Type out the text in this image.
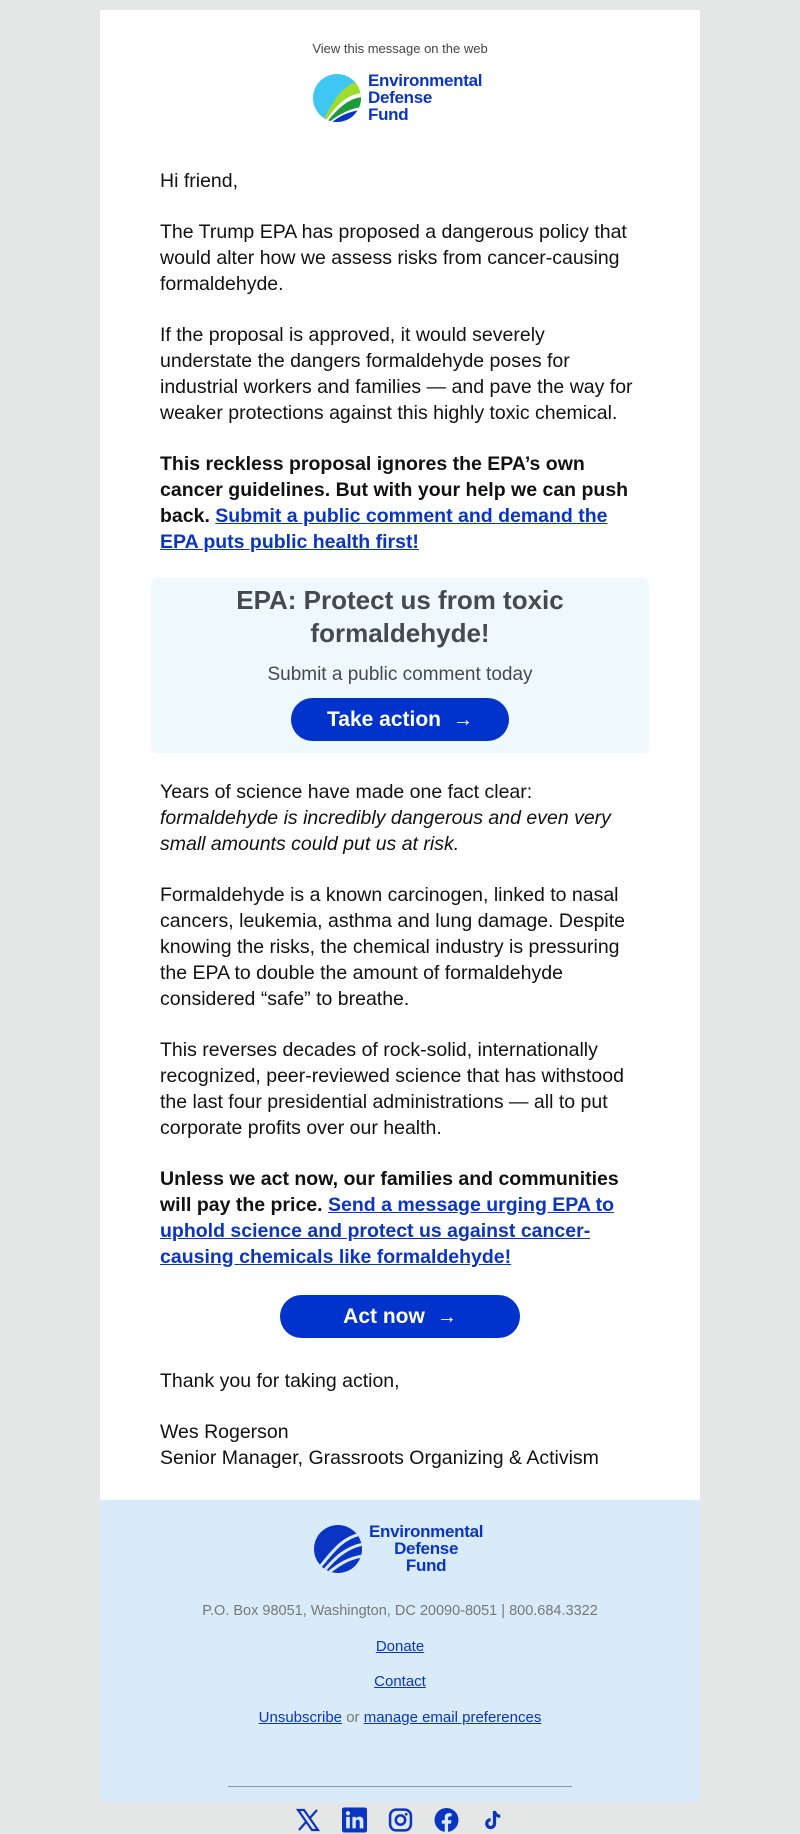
View this message on the web
Environmental
Defense
Fund

Hi friend,

The Trump EPA has proposed a dangerous policy that would alter how we assess risks from cancer-causing formaldehyde.

If the proposal is approved, it would severely understate the dangers formaldehyde poses for industrial workers and families — and pave the way for weaker protections against this highly toxic chemical.

This reckless proposal ignores the EPA’s own cancer guidelines. But with your help we can push back. Submit a public comment and demand the EPA puts public health first!

EPA: Protect us from toxic formaldehyde!
Submit a public comment today
Take action →

Years of science have made one fact clear: formaldehyde is incredibly dangerous and even very small amounts could put us at risk.

Formaldehyde is a known carcinogen, linked to nasal cancers, leukemia, asthma and lung damage. Despite knowing the risks, the chemical industry is pressuring the EPA to double the amount of formaldehyde considered “safe” to breathe.

This reverses decades of rock-solid, internationally recognized, peer-reviewed science that has withstood the last four presidential administrations — all to put corporate profits over our health.

Unless we act now, our families and communities will pay the price. Send a message urging EPA to uphold science and protect us against cancer-causing chemicals like formaldehyde!

Act now →

Thank you for taking action,

Wes Rogerson
Senior Manager, Grassroots Organizing & Activism
Environmental
Defense
Fund
P.O. Box 98051, Washington, DC 20090-8051 | 800.684.3322
Donate
Contact
Unsubscribe or manage email preferences
